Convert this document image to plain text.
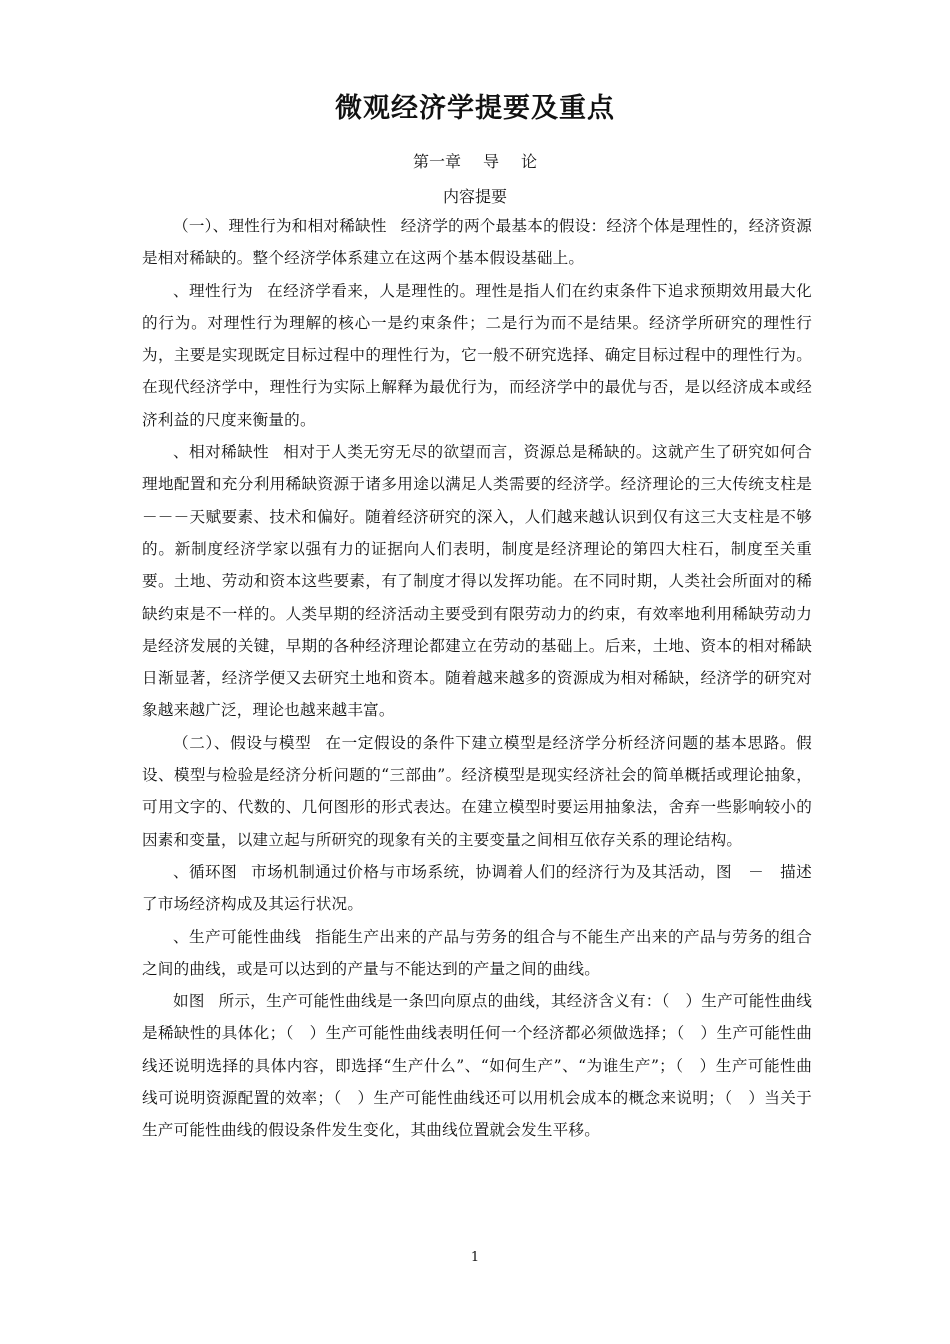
微观经济学提要及重点

第一章 导 论

内容提要

（一）、理性行为和相对稀缺性 经济学的两个最基本的假设：经济个体是理性的，经济资源是相对稀缺的。整个经济学体系建立在这两个基本假设基础上。

、理性行为 在经济学看来，人是理性的。理性是指人们在约束条件下追求预期效用最大化的行为。对理性行为理解的核心一是约束条件；二是行为而不是结果。经济学所研究的理性行为，主要是实现既定目标过程中的理性行为，它一般不研究选择、确定目标过程中的理性行为。在现代经济学中，理性行为实际上解释为最优行为，而经济学中的最优与否，是以经济成本或经济利益的尺度来衡量的。

、相对稀缺性 相对于人类无穷无尽的欲望而言，资源总是稀缺的。这就产生了研究如何合理地配置和充分利用稀缺资源于诸多用途以满足人类需要的经济学。经济理论的三大传统支柱是－－－天赋要素、技术和偏好。随着经济研究的深入，人们越来越认识到仅有这三大支柱是不够的。新制度经济学家以强有力的证据向人们表明，制度是经济理论的第四大柱石，制度至关重要。土地、劳动和资本这些要素，有了制度才得以发挥功能。在不同时期，人类社会所面对的稀缺约束是不一样的。人类早期的经济活动主要受到有限劳动力的约束，有效率地利用稀缺劳动力是经济发展的关键，早期的各种经济理论都建立在劳动的基础上。后来，土地、资本的相对稀缺日渐显著，经济学便又去研究土地和资本。随着越来越多的资源成为相对稀缺，经济学的研究对象越来越广泛，理论也越来越丰富。

（二）、假设与模型 在一定假设的条件下建立模型是经济学分析经济问题的基本思路。假设、模型与检验是经济分析问题的“三部曲”。经济模型是现实经济社会的简单概括或理论抽象，可用文字的、代数的、几何图形的形式表达。在建立模型时要运用抽象法，舍弃一些影响较小的因素和变量，以建立起与所研究的现象有关的主要变量之间相互依存关系的理论结构。

、循环图 市场机制通过价格与市场系统，协调着人们的经济行为及其活动，图　－　描述了市场经济构成及其运行状况。

、生产可能性曲线 指能生产出来的产品与劳务的组合与不能生产出来的产品与劳务的组合之间的曲线，或是可以达到的产量与不能达到的产量之间的曲线。

如图 所示，生产可能性曲线是一条凹向原点的曲线，其经济含义有：（　）生产可能性曲线是稀缺性的具体化；（　）生产可能性曲线表明任何一个经济都必须做选择；（　）生产可能性曲线还说明选择的具体内容，即选择“生产什么”、“如何生产”、“为谁生产”；（　）生产可能性曲线可说明资源配置的效率；（　）生产可能性曲线还可以用机会成本的概念来说明；（　）当关于生产可能性曲线的假设条件发生变化，其曲线位置就会发生平移。

1
